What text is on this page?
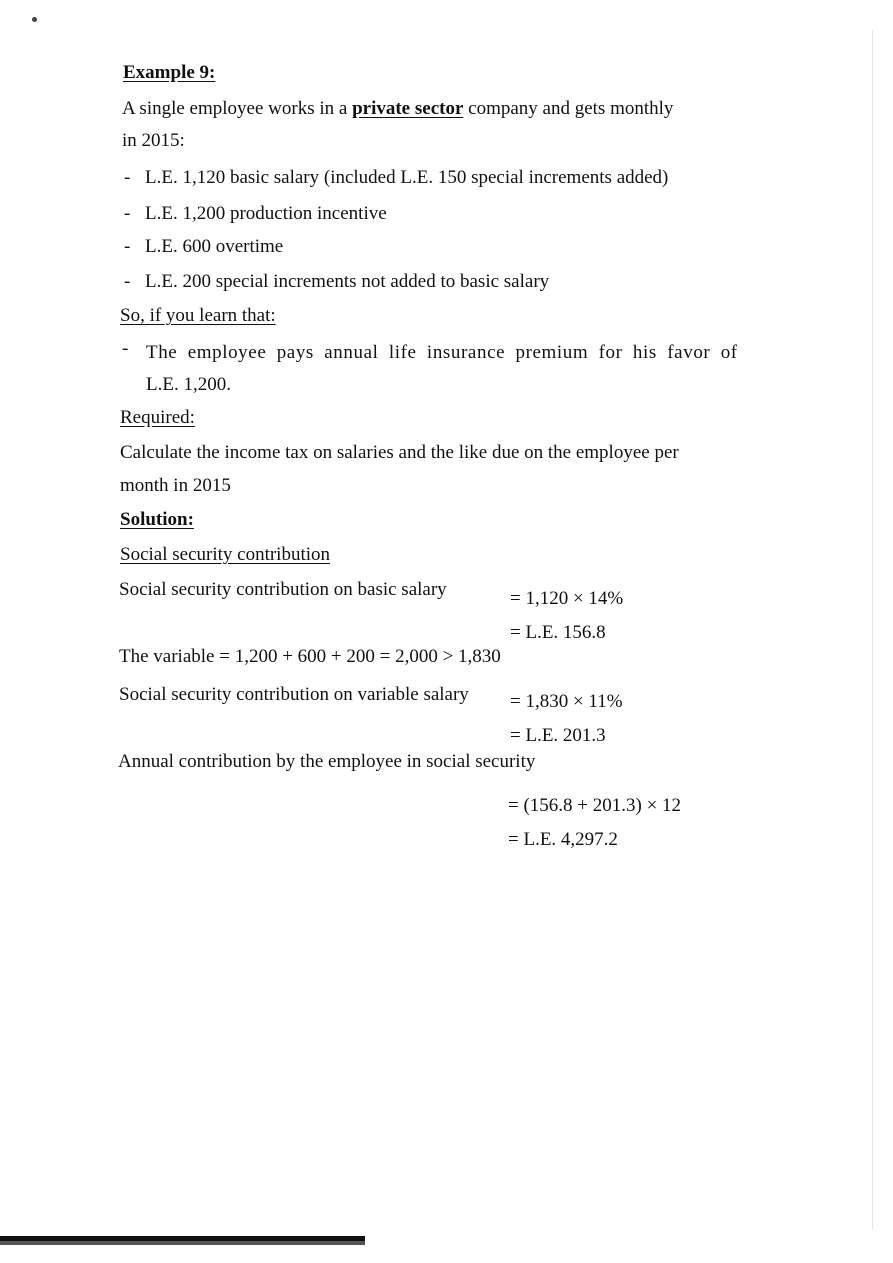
Example 9:
A single employee works in a private sector company and gets monthly
in 2015:
- L.E. 1,120 basic salary (included L.E. 150 special increments added)
- L.E. 1,200 production incentive
- L.E. 600 overtime
- L.E. 200 special increments not added to basic salary
So, if you learn that:
- The employee pays annual life insurance premium for his favor of
L.E. 1,200.
Required:
Calculate the income tax on salaries and the like due on the employee per
month in 2015
Solution:
Social security contribution
Social security contribution on basic salary	= 1,120 × 14%
= L.E. 156.8
The variable = 1,200 + 600 + 200 = 2,000 > 1,830
Social security contribution on variable salary = 1,830 × 11%
= L.E. 201.3
Annual contribution by the employee in social security
= (156.8 + 201.3) × 12
= L.E. 4,297.2
